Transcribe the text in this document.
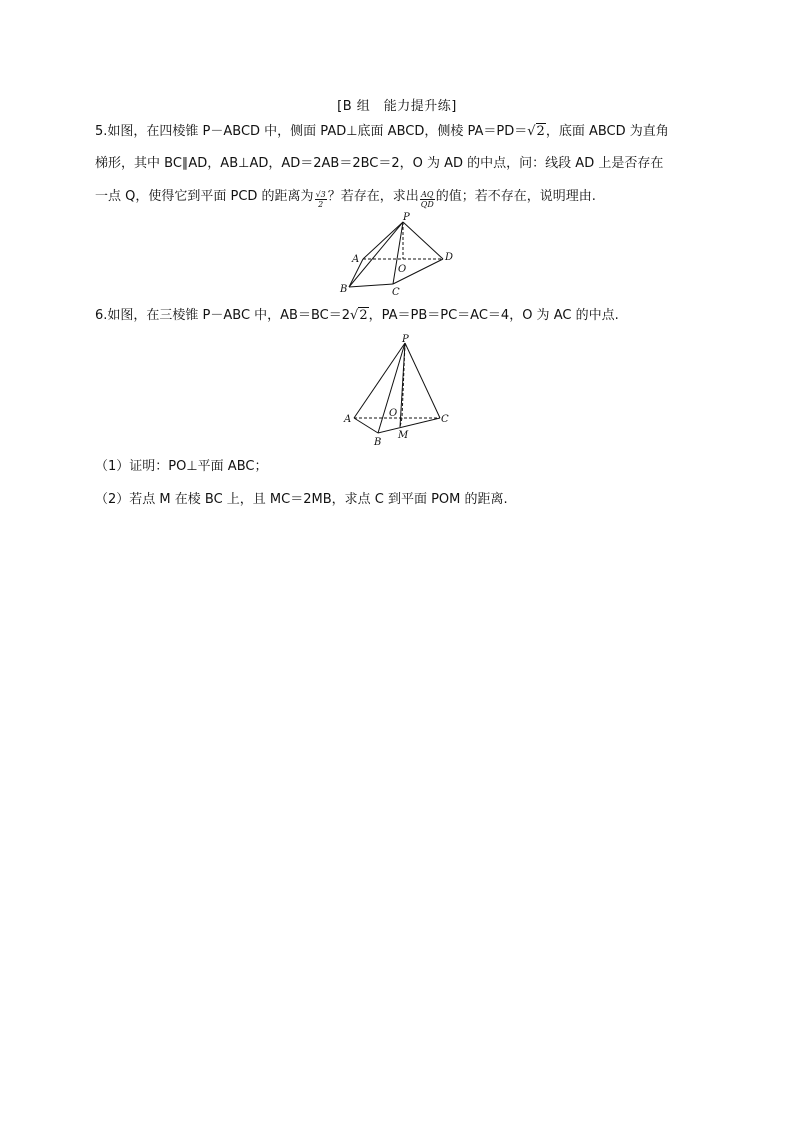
[B 组　能力提升练]
5.如图，在四棱锥 P－ABCD 中，侧面 PAD⊥底面 ABCD，侧棱 PA＝PD＝√2，底面 ABCD 为直角
梯形，其中 BC∥AD，AB⊥AD，AD＝2AB＝2BC＝2，O 为 AD 的中点，问：线段 AD 上是否存在
一点 Q，使得它到平面 PCD 的距离为 $\frac{√3}{2}$ ？若存在，求出 $\frac{AQ}{QD}$ 的值；若不存在，说明理由.
P
A
B	C
D
O
6.如图，在三棱锥 P－ABC 中，AB＝BC＝2√2，PA＝PB＝PC＝AC＝4，O 为 AC 的中点.
P
A
B
C
O
M
（1）证明：PO⊥平面 ABC；
（2）若点 M 在棱 BC 上，且 MC＝2MB，求点 C 到平面 POM 的距离.
